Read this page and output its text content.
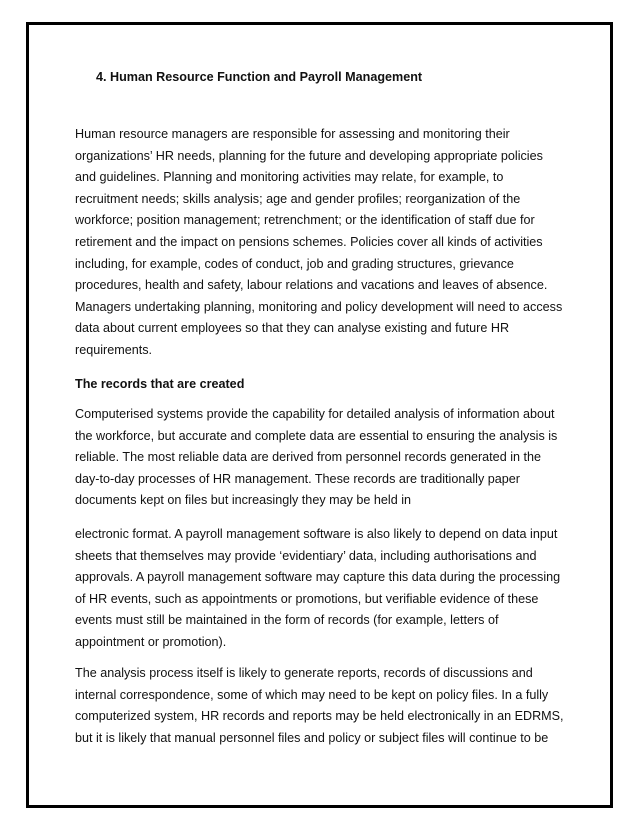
4. Human Resource Function and Payroll Management
Human resource managers are responsible for assessing and monitoring their
organizations’ HR needs, planning for the future and developing appropriate policies
and guidelines. Planning and monitoring activities may relate, for example, to
recruitment needs; skills analysis; age and gender profiles; reorganization of the
workforce; position management; retrenchment; or the identification of staff due for
retirement and the impact on pensions schemes. Policies cover all kinds of activities
including, for example, codes of conduct, job and grading structures, grievance
procedures, health and safety, labour relations and vacations and leaves of absence.
Managers undertaking planning, monitoring and policy development will need to access
data about current employees so that they can analyse existing and future HR
requirements.
The records that are created
Computerised systems provide the capability for detailed analysis of information about
the workforce, but accurate and complete data are essential to ensuring the analysis is
reliable. The most reliable data are derived from personnel records generated in the
day-to-day processes of HR management. These records are traditionally paper
documents kept on files but increasingly they may be held in
electronic format. A payroll management software is also likely to depend on data input
sheets that themselves may provide ‘evidentiary’ data, including authorisations and
approvals. A payroll management software may capture this data during the processing
of HR events, such as appointments or promotions, but verifiable evidence of these
events must still be maintained in the form of records (for example, letters of
appointment or promotion).
The analysis process itself is likely to generate reports, records of discussions and
internal correspondence, some of which may need to be kept on policy files. In a fully
computerized system, HR records and reports may be held electronically in an EDRMS,
but it is likely that manual personnel files and policy or subject files will continue to be
